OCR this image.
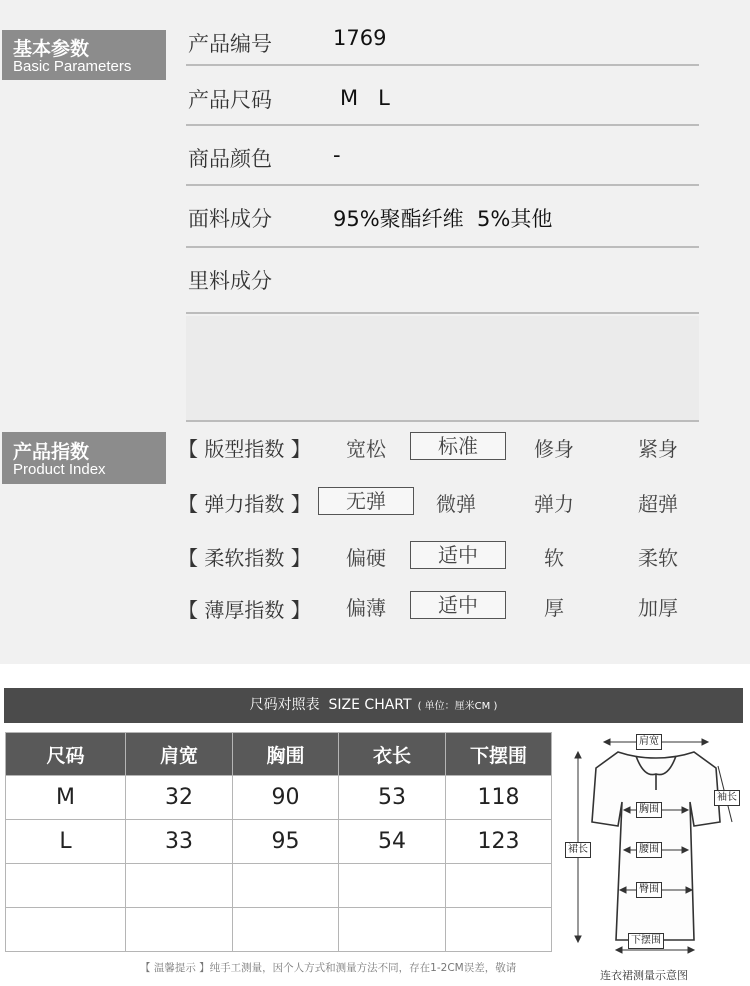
基本参数
Basic Parameters
产品编号	1769
产品尺码	M   L
商品颜色	-
面料成分	95%聚酯纤维  5%其他
里料成分
产品指数
Product Index
【 版型指数 】	宽松	标准	修身	紧身
【 弹力指数 】	无弹	微弹	弹力	超弹
【 柔软指数 】	偏硬	适中	软	柔软
【 薄厚指数 】	偏薄	适中	厚	加厚
尺码对照表  SIZE CHART ( 单位：厘米CM )
尺码	肩宽	胸围	衣长	下摆围
M	32	90	53	118
L	33	95	54	123

肩宽
袖长
胸围
裙长	腰围
臀围
下摆围
【 温馨提示 】纯手工测量，因个人方式和测量方法不同，存在1-2CM误差，敬请
连衣裙测量示意图
